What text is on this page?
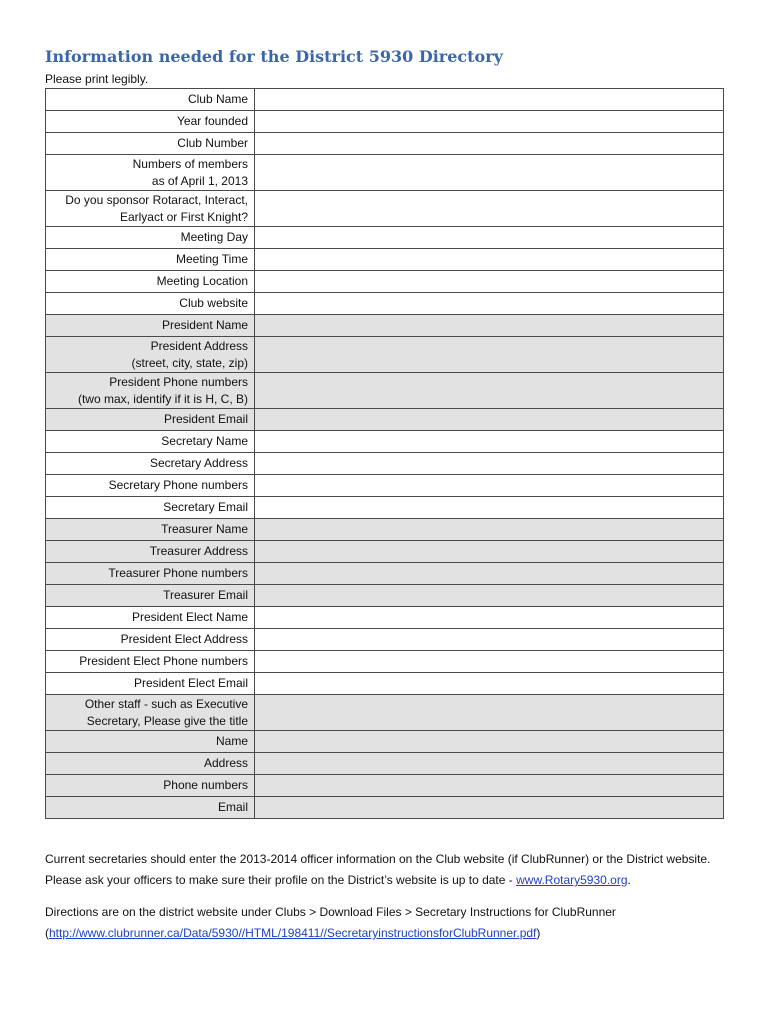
Information needed for the District 5930 Directory
Please print legibly.
Club Name	

Year founded	

Club Number	

Numbers of members
as of April 1, 2013	

Do you sponsor Rotaract, Interact,
Earlyact or First Knight?	

Meeting Day	

Meeting Time	

Meeting Location	

Club website	

President Name	

President Address
(street, city, state, zip)	

President Phone numbers
(two max, identify if it is H, C, B)	

President Email	

Secretary Name	

Secretary Address	

Secretary Phone numbers	

Secretary Email	

Treasurer Name	

Treasurer Address	

Treasurer Phone numbers	

Treasurer Email	

President Elect Name	

President Elect Address	

President Elect Phone numbers	

President Elect Email	

Other staff - such as Executive
Secretary, Please give the title	

Name	

Address	

Phone numbers	

Email	

Current secretaries should enter the 2013-2014 officer information on the Club website (if ClubRunner) or the District website. Please ask your officers to make sure their profile on the District’s website is up to date - www.Rotary5930.org.
Directions are on the district website under Clubs > Download Files > Secretary Instructions for ClubRunner
(http://www.clubrunner.ca/Data/5930//HTML/198411//SecretaryinstructionsforClubRunner.pdf)
